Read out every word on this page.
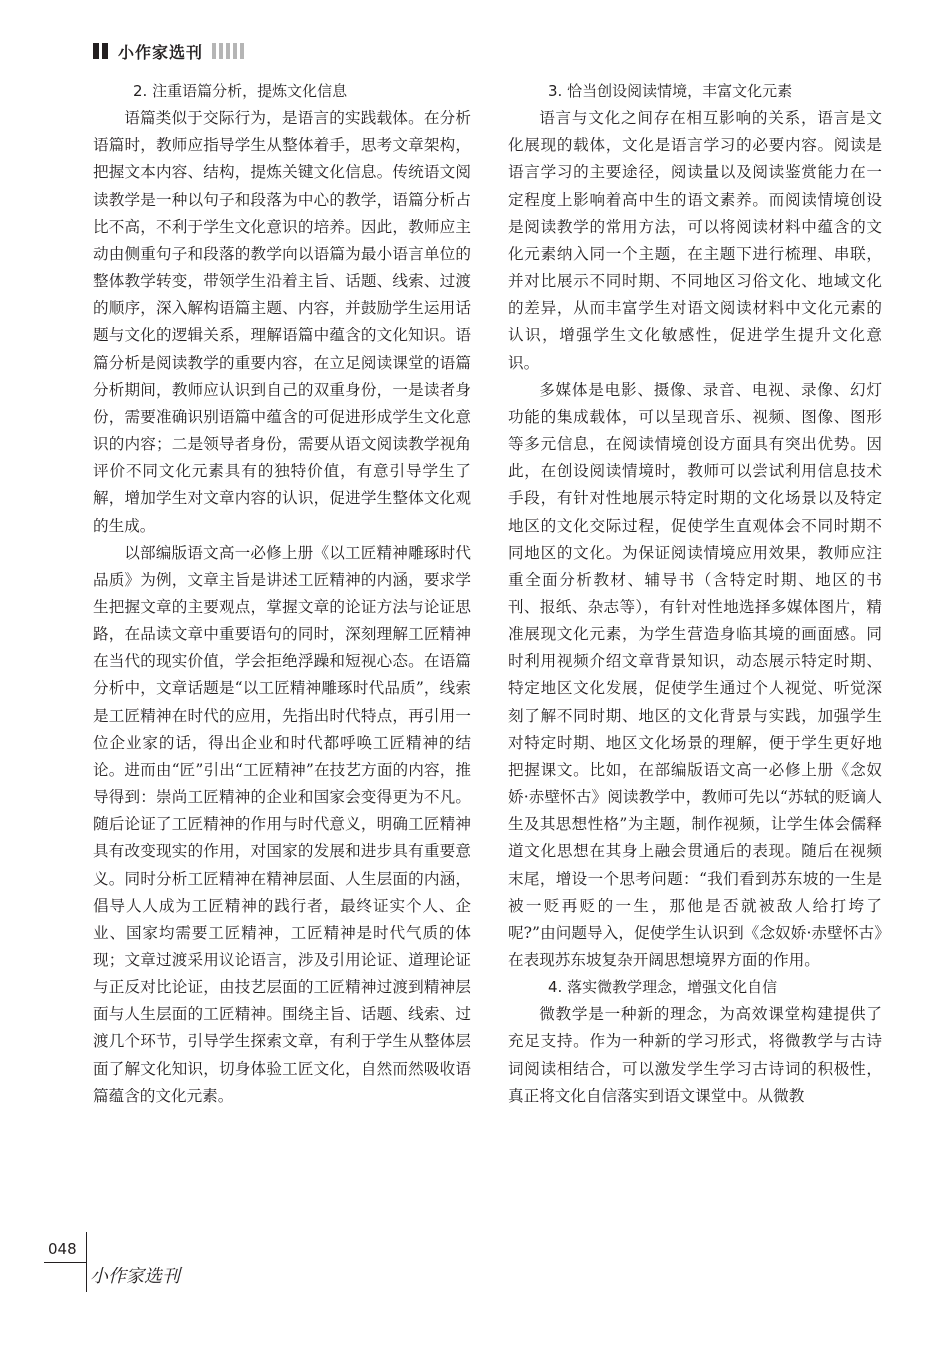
小作家选刊
2. 注重语篇分析，提炼文化信息

语篇类似于交际行为，是语言的实践载体。在分析语篇时，教师应指导学生从整体着手，思考文章架构，把握文本内容、结构，提炼关键文化信息。传统语文阅读教学是一种以句子和段落为中心的教学，语篇分析占比不高，不利于学生文化意识的培养。因此，教师应主动由侧重句子和段落的教学向以语篇为最小语言单位的整体教学转变，带领学生沿着主旨、话题、线索、过渡的顺序，深入解构语篇主题、内容，并鼓励学生运用话题与文化的逻辑关系，理解语篇中蕴含的文化知识。语篇分析是阅读教学的重要内容，在立足阅读课堂的语篇分析期间，教师应认识到自己的双重身份，一是读者身份，需要准确识别语篇中蕴含的可促进形成学生文化意识的内容；二是领导者身份，需要从语文阅读教学视角评价不同文化元素具有的独特价值，有意引导学生了解，增加学生对文章内容的认识，促进学生整体文化观的生成。

以部编版语文高一必修上册《以工匠精神雕琢时代品质》为例，文章主旨是讲述工匠精神的内涵，要求学生把握文章的主要观点，掌握文章的论证方法与论证思路，在品读文章中重要语句的同时，深刻理解工匠精神在当代的现实价值，学会拒绝浮躁和短视心态。在语篇分析中，文章话题是“以工匠精神雕琢时代品质”，线索是工匠精神在时代的应用，先指出时代特点，再引用一位企业家的话，得出企业和时代都呼唤工匠精神的结论。进而由“匠”引出“工匠精神”在技艺方面的内容，推导得到：崇尚工匠精神的企业和国家会变得更为不凡。随后论证了工匠精神的作用与时代意义，明确工匠精神具有改变现实的作用，对国家的发展和进步具有重要意义。同时分析工匠精神在精神层面、人生层面的内涵，倡导人人成为工匠精神的践行者，最终证实个人、企业、国家均需要工匠精神，工匠精神是时代气质的体现；文章过渡采用议论语言，涉及引用论证、道理论证与正反对比论证，由技艺层面的工匠精神过渡到精神层面与人生层面的工匠精神。围绕主旨、话题、线索、过渡几个环节，引导学生探索文章，有利于学生从整体层面了解文化知识，切身体验工匠文化，自然而然吸收语篇蕴含的文化元素。

3. 恰当创设阅读情境，丰富文化元素

语言与文化之间存在相互影响的关系，语言是文化展现的载体，文化是语言学习的必要内容。阅读是语言学习的主要途径，阅读量以及阅读鉴赏能力在一定程度上影响着高中生的语文素养。而阅读情境创设是阅读教学的常用方法，可以将阅读材料中蕴含的文化元素纳入同一个主题，在主题下进行梳理、串联，并对比展示不同时期、不同地区习俗文化、地域文化的差异，从而丰富学生对语文阅读材料中文化元素的认识，增强学生文化敏感性，促进学生提升文化意识。

多媒体是电影、摄像、录音、电视、录像、幻灯功能的集成载体，可以呈现音乐、视频、图像、图形等多元信息，在阅读情境创设方面具有突出优势。因此，在创设阅读情境时，教师可以尝试利用信息技术手段，有针对性地展示特定时期的文化场景以及特定地区的文化交际过程，促使学生直观体会不同时期不同地区的文化。为保证阅读情境应用效果，教师应注重全面分析教材、辅导书（含特定时期、地区的书刊、报纸、杂志等），有针对性地选择多媒体图片，精准展现文化元素，为学生营造身临其境的画面感。同时利用视频介绍文章背景知识，动态展示特定时期、特定地区文化发展，促使学生通过个人视觉、听觉深刻了解不同时期、地区的文化背景与实践，加强学生对特定时期、地区文化场景的理解，便于学生更好地把握课文。比如，在部编版语文高一必修上册《念奴娇·赤壁怀古》阅读教学中，教师可先以“苏轼的贬谪人生及其思想性格”为主题，制作视频，让学生体会儒释道文化思想在其身上融会贯通后的表现。随后在视频末尾，增设一个思考问题：“我们看到苏东坡的一生是被一贬再贬的一生，那他是否就被敌人给打垮了呢?”由问题导入，促使学生认识到《念奴娇·赤壁怀古》在表现苏东坡复杂开阔思想境界方面的作用。

4. 落实微教学理念，增强文化自信

微教学是一种新的理念，为高效课堂构建提供了充足支持。作为一种新的学习形式，将微教学与古诗词阅读相结合，可以激发学生学习古诗词的积极性，真正将文化自信落实到语文课堂中。从微教

048
小作家选刊
